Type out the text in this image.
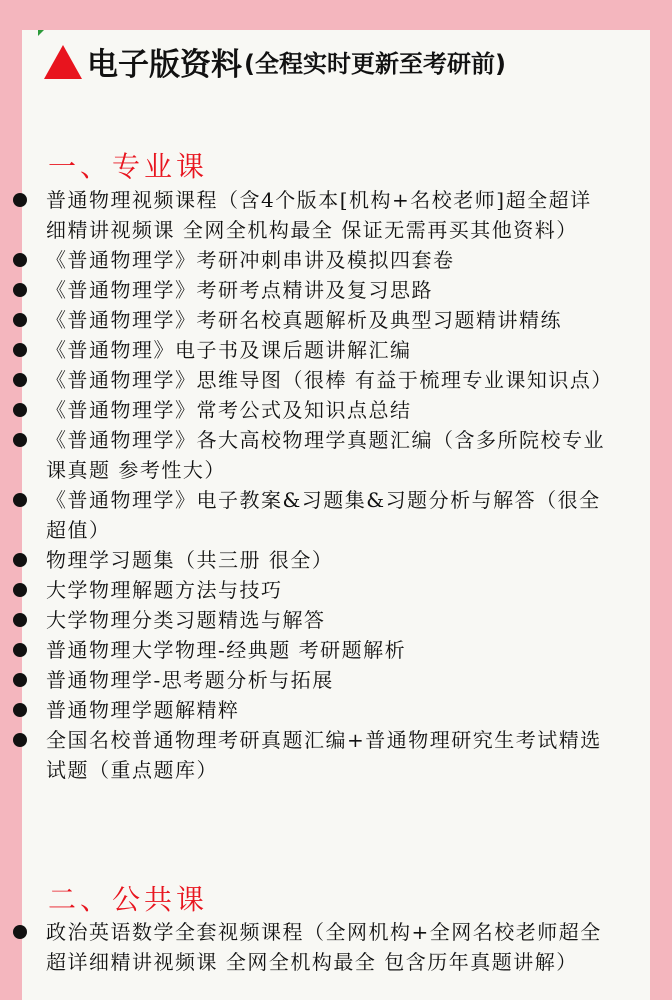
电子版资料 (全程实时更新至考研前)
一、专业课
普通物理视频课程（含4个版本[机构+名校老师]超全超详细精讲视频课 全网全机构最全 保证无需再买其他资料）
《普通物理学》考研冲刺串讲及模拟四套卷
《普通物理学》考研考点精讲及复习思路
《普通物理学》考研名校真题解析及典型习题精讲精练
《普通物理》电子书及课后题讲解汇编
《普通物理学》思维导图（很棒 有益于梳理专业课知识点）
《普通物理学》常考公式及知识点总结
《普通物理学》各大高校物理学真题汇编（含多所院校专业课真题 参考性大）
《普通物理学》电子教案&习题集&习题分析与解答（很全 超值）
物理学习题集（共三册 很全）
大学物理解题方法与技巧
大学物理分类习题精选与解答
普通物理大学物理-经典题 考研题解析
普通物理学-思考题分析与拓展
普通物理学题解精粹
全国名校普通物理考研真题汇编+普通物理研究生考试精选试题（重点题库）
二、公共课
政治英语数学全套视频课程（全网机构+全网名校老师超全超详细精讲视频课 全网全机构最全 包含历年真题讲解）
